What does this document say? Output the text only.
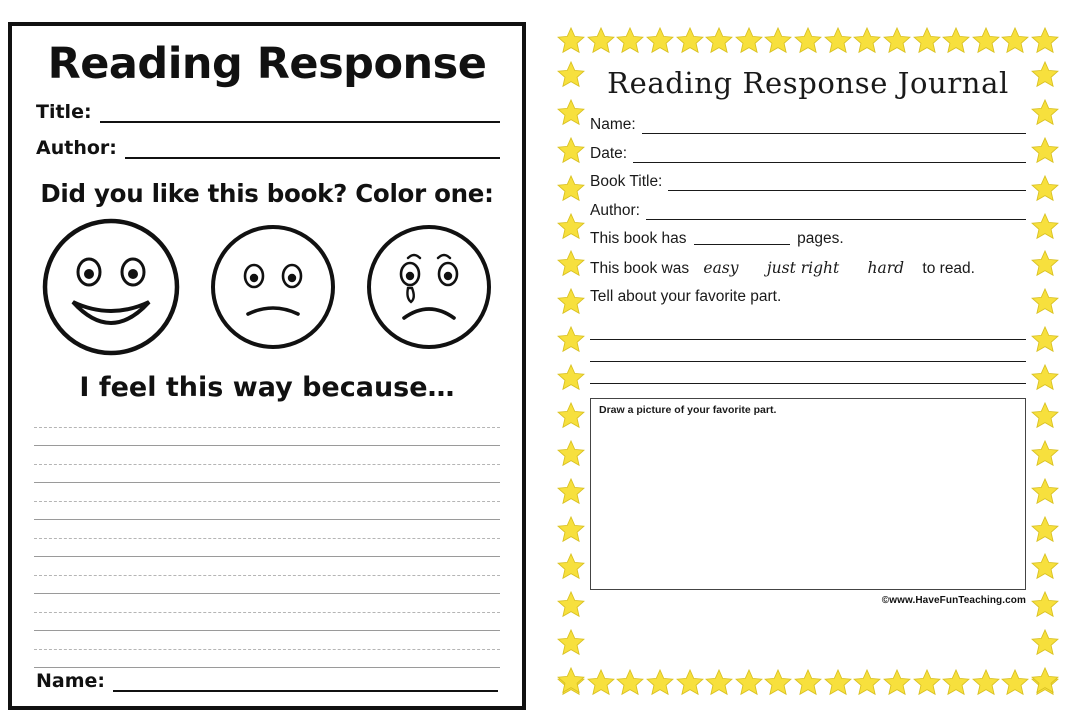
Reading Response
Title:
Author:
Did you like this book? Color one:
I feel this way because…
Name:
Reading Response Journal
Name:
Date:
Book Title:
Author:
This book has	pages.
This book was easy just right hard to read.
Tell about your favorite part.
Draw a picture of your favorite part.
©www.HaveFunTeaching.com
